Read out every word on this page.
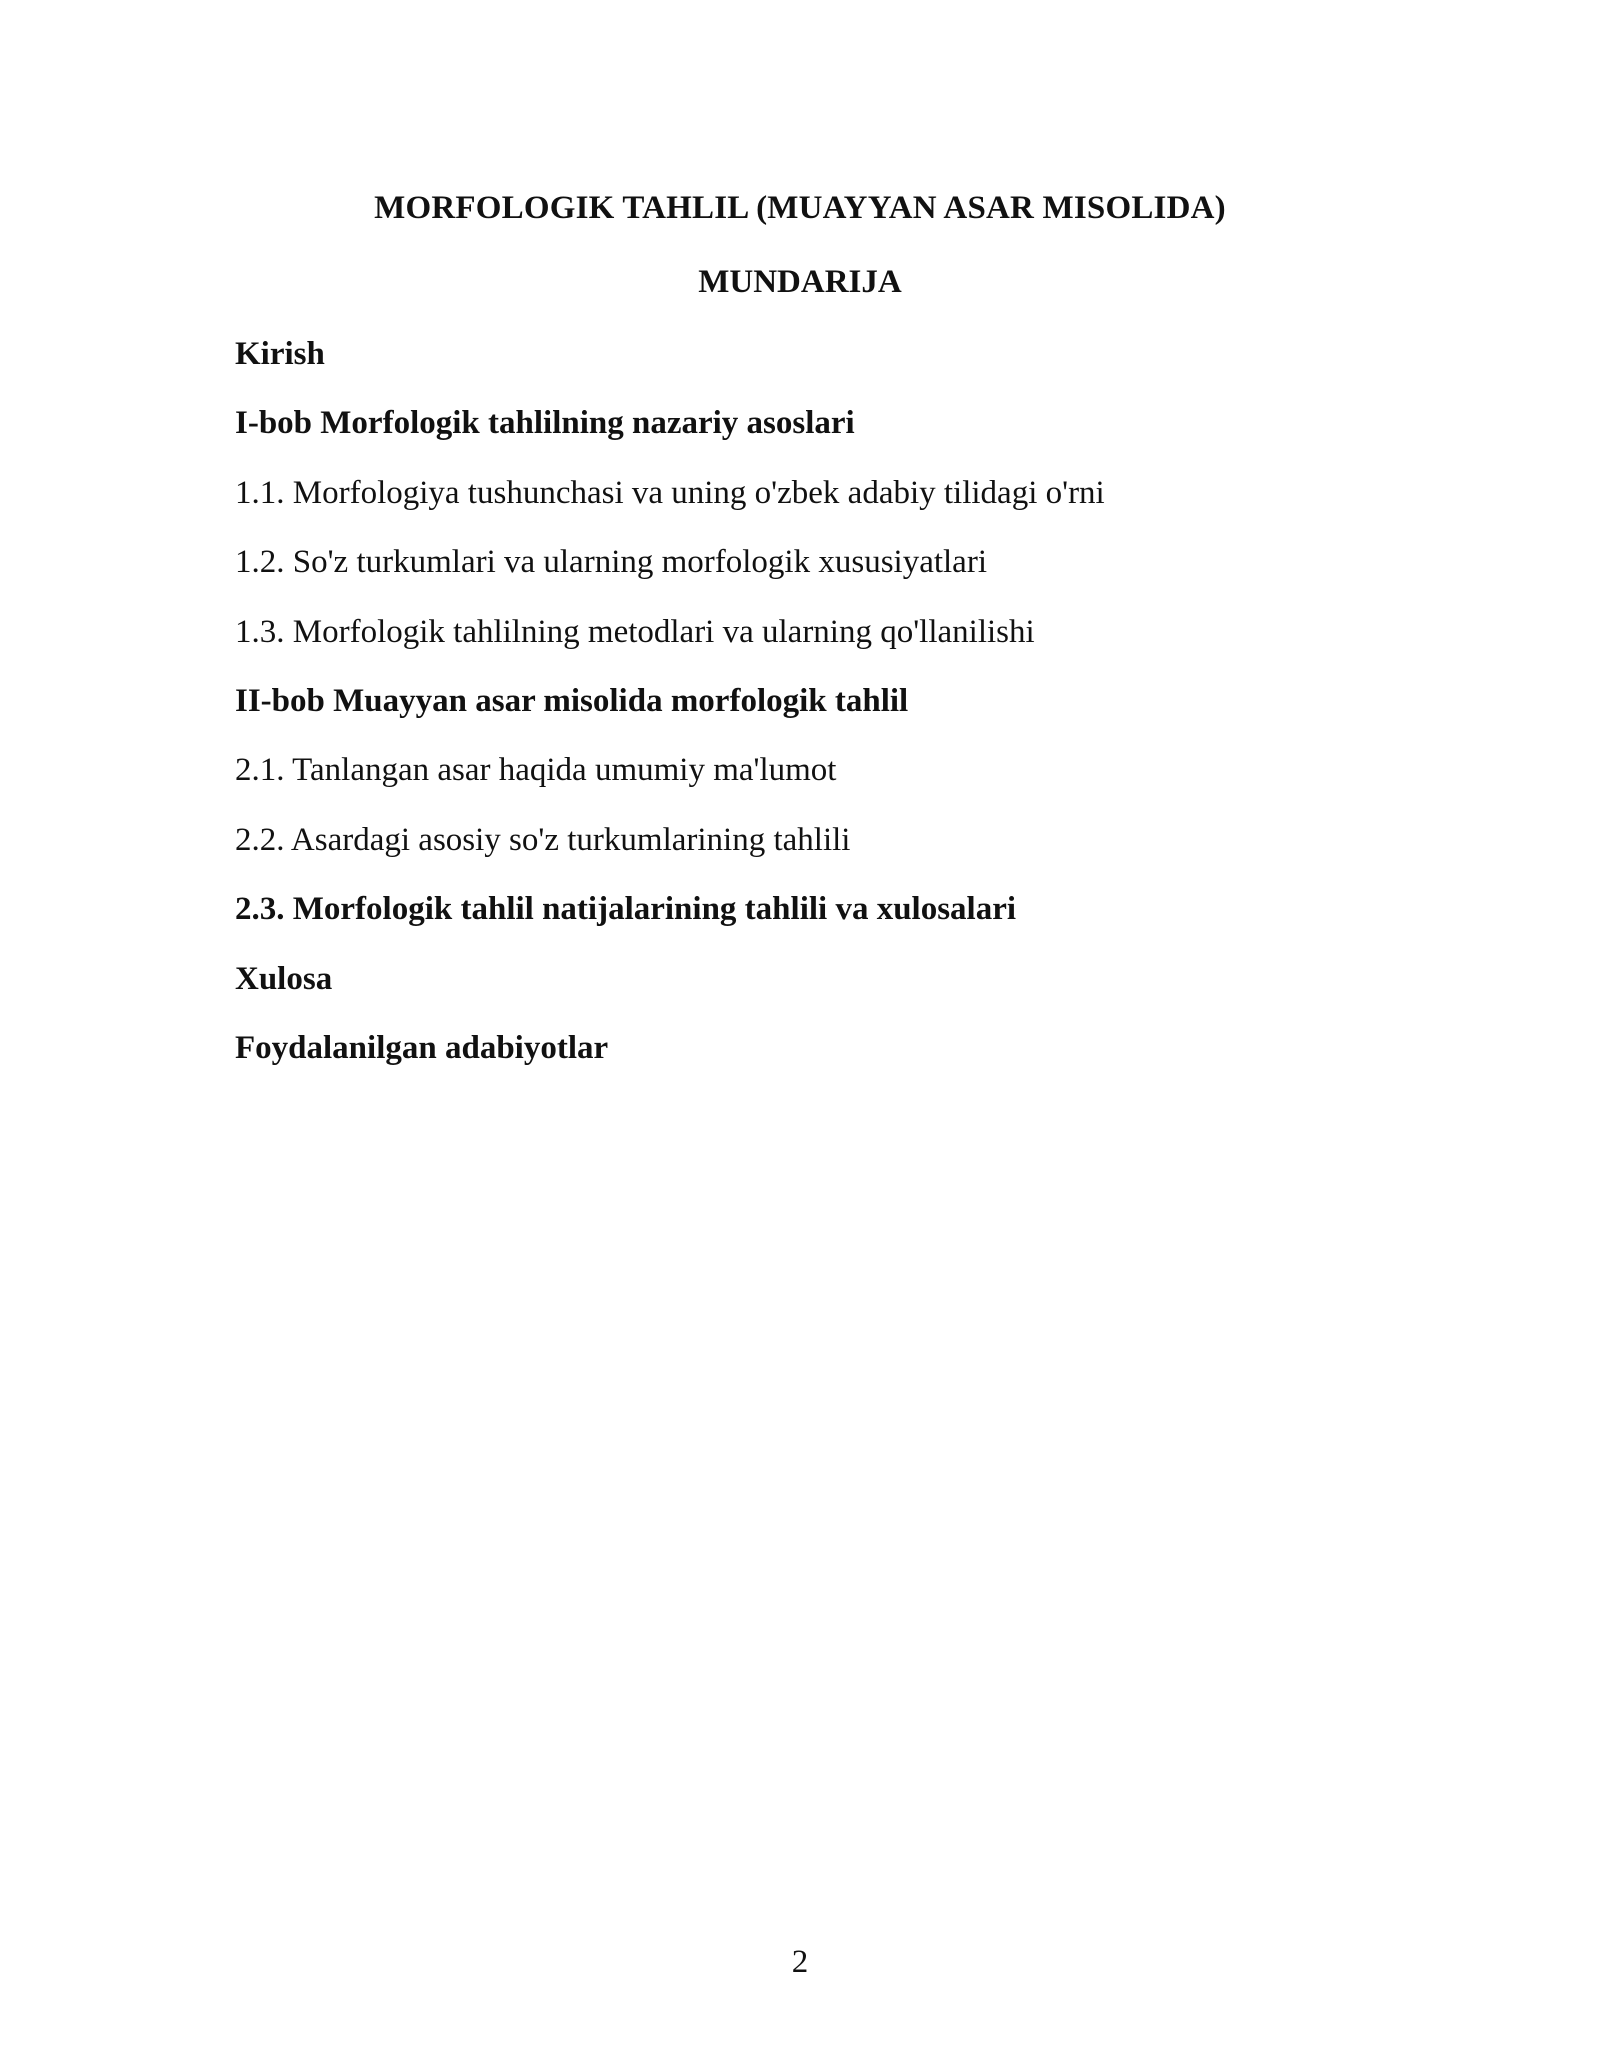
MORFOLOGIK TAHLIL (MUAYYAN ASAR MISOLIDA)
MUNDARIJA
Kirish
I-bob Morfologik tahlilning nazariy asoslari
1.1. Morfologiya tushunchasi va uning o'zbek adabiy tilidagi o'rni
1.2. So'z turkumlari va ularning morfologik xususiyatlari
1.3. Morfologik tahlilning metodlari va ularning qo'llanilishi
II-bob Muayyan asar misolida morfologik tahlil
2.1. Tanlangan asar haqida umumiy ma'lumot
2.2. Asardagi asosiy so'z turkumlarining tahlili
2.3. Morfologik tahlil natijalarining tahlili va xulosalari
Xulosa
Foydalanilgan adabiyotlar
2
